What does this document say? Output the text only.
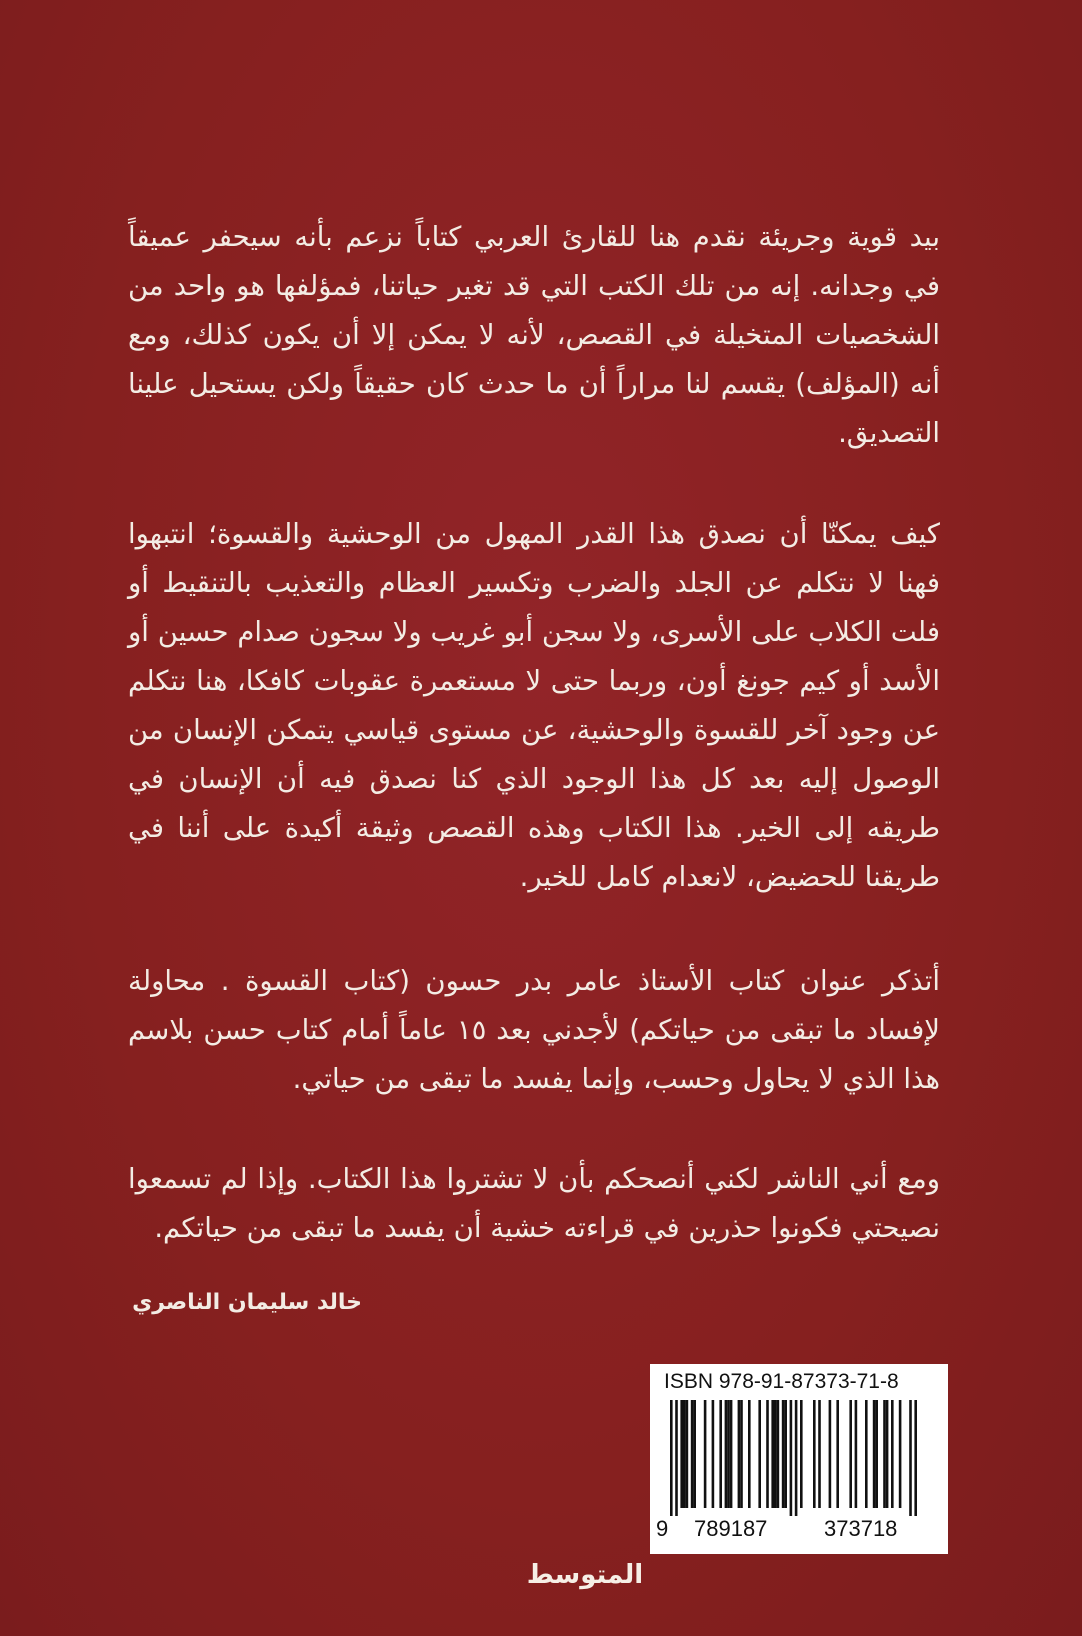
بيد قوية وجريئة نقدم هنا للقارئ العربي كتاباً نزعم بأنه سيحفر عميقاً في وجدانه. إنه من تلك الكتب التي قد تغير حياتنا، فمؤلفها هو واحد من الشخصيات المتخيلة في القصص، لأنه لا يمكن إلا أن يكون كذلك، ومع أنه (المؤلف) يقسم لنا مراراً أن ما حدث كان حقيقاً ولكن يستحيل علينا التصديق.

كيف يمكنّا أن نصدق هذا القدر المهول من الوحشية والقسوة؛ انتبهوا فهنا لا نتكلم عن الجلد والضرب وتكسير العظام والتعذيب بالتنقيط أو فلت الكلاب على الأسرى، ولا سجن أبو غريب ولا سجون صدام حسين أو الأسد أو كيم جونغ أون، وربما حتى لا مستعمرة عقوبات كافكا، هنا نتكلم عن وجود آخر للقسوة والوحشية، عن مستوى قياسي يتمكن الإنسان من الوصول إليه بعد كل هذا الوجود الذي كنا نصدق فيه أن الإنسان في طريقه إلى الخير. هذا الكتاب وهذه القصص وثيقة أكيدة على أننا في طريقنا للحضيض، لانعدام كامل للخير.

أتذكر عنوان كتاب الأستاذ عامر بدر حسون (كتاب القسوة . محاولة لإفساد ما تبقى من حياتكم) لأجدني بعد ١٥ عاماً أمام كتاب حسن بلاسم هذا الذي لا يحاول وحسب، وإنما يفسد ما تبقى من حياتي.

ومع أني الناشر لكني أنصحكم بأن لا تشتروا هذا الكتاب. وإذا لم تسمعوا نصيحتي فكونوا حذرين في قراءته خشية أن يفسد ما تبقى من حياتكم.

خالد سليمان الناصري
ISBN 978-91-87373-71-8
9 789187	373718
المتوسط
